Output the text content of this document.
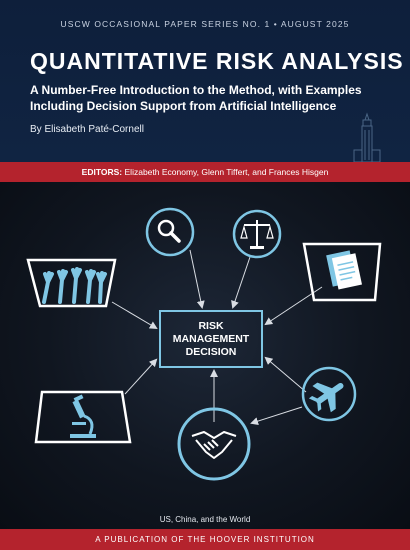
USCW OCCASIONAL PAPER SERIES NO. 1 • AUGUST 2025
QUANTITATIVE RISK ANALYSIS
A Number-Free Introduction to the Method, with Examples Including Decision Support from Artificial Intelligence
By Elisabeth Paté-Cornell
EDITORS: Elizabeth Economy, Glenn Tiffert, and Frances Hisgen
RISK
MANAGEMENT
DECISION
US, China, and the World
A PUBLICATION OF THE HOOVER INSTITUTION
